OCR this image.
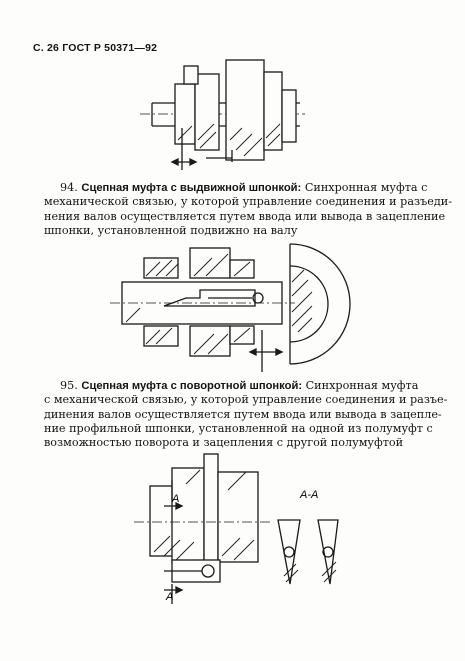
С. 26 ГОСТ Р 50371—92
94. Сцепная муфта с выдвижной шпонкой: Синхронная муфта с
механической связью, у которой управление соединения и разъеди-
нения валов осуществляется путем ввода или вывода в зацепление
шпонки, установленной подвижно на валу
95. Сцепная муфта с поворотной шпонкой: Синхронная муфта
с механической связью, у которой управление соединения и разъе-
динения валов осуществляется путем ввода или вывода в зацепле-
ние профильной шпонки, установленной на одной из полумуфт с
возможностью поворота и зацепления с другой полумуфтой
A
A
A-A
